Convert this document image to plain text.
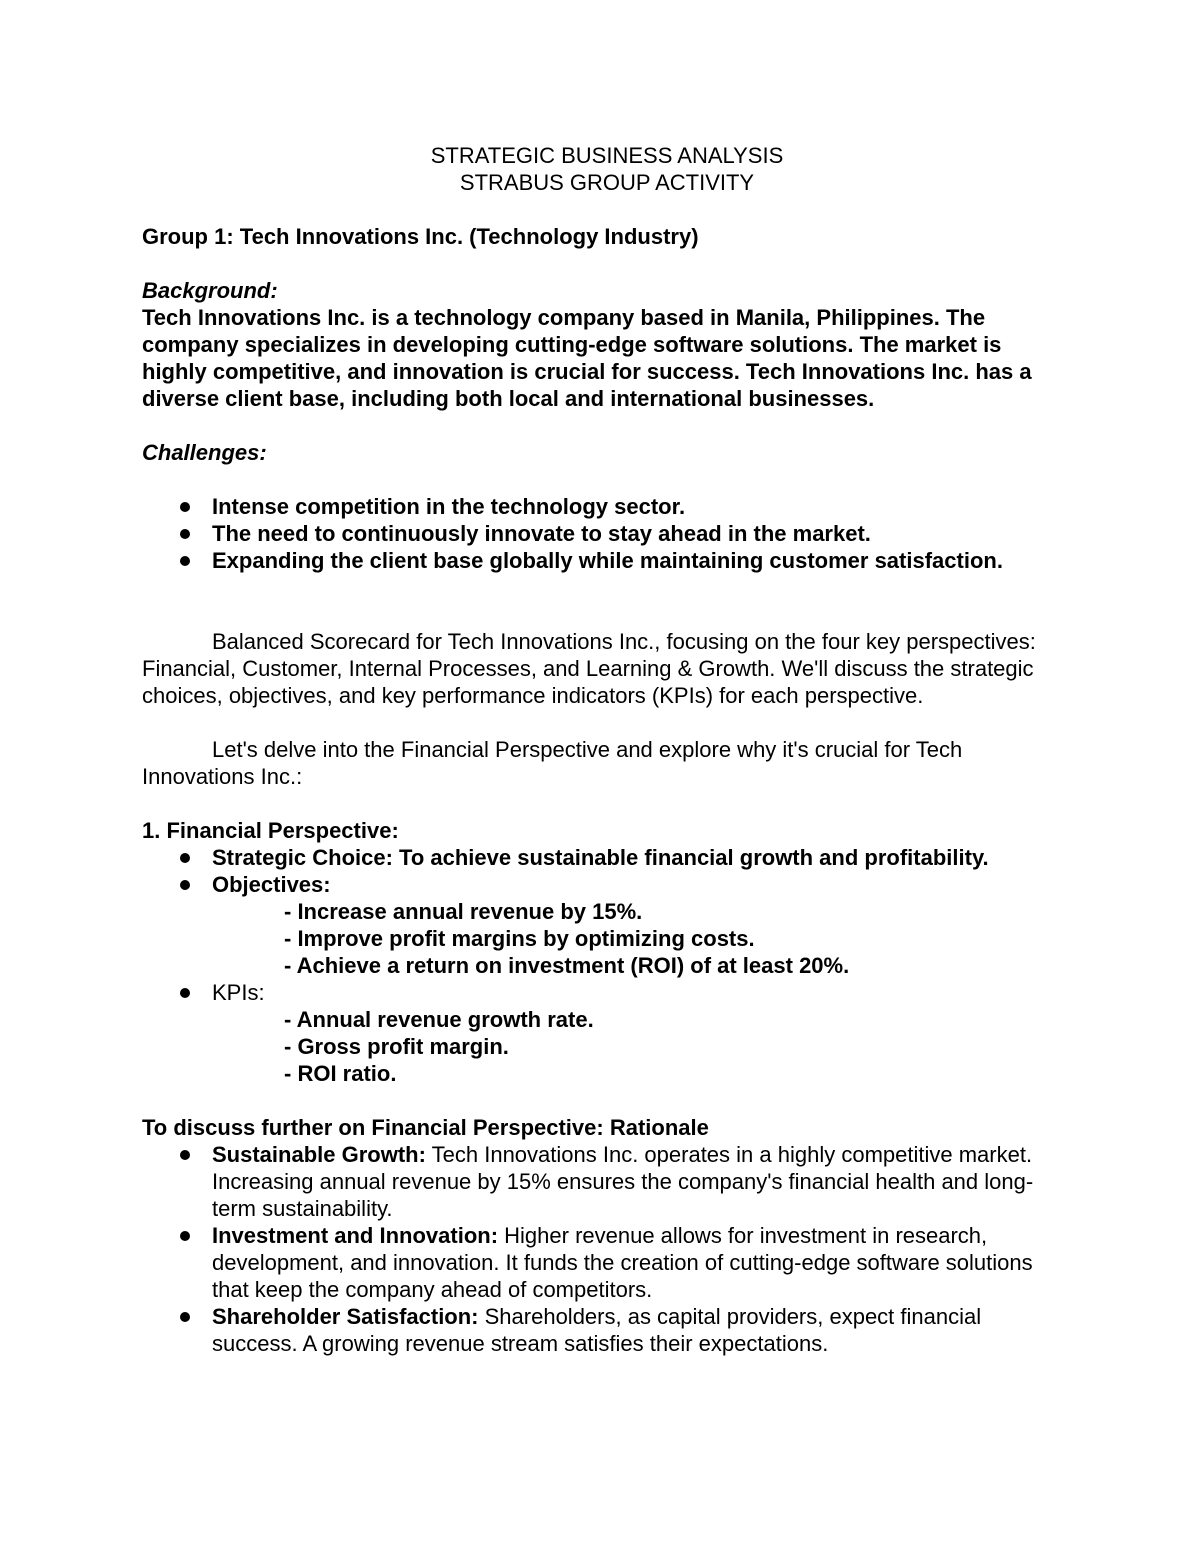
STRATEGIC BUSINESS ANALYSIS
STRABUS GROUP ACTIVITY

Group 1: Tech Innovations Inc. (Technology Industry)

Background:

Tech Innovations Inc. is a technology company based in Manila, Philippines. The company specializes in developing cutting-edge software solutions. The market is highly competitive, and innovation is crucial for success. Tech Innovations Inc. has a diverse client base, including both local and international businesses.

Challenges:

Intense competition in the technology sector.
The need to continuously innovate to stay ahead in the market.
Expanding the client base globally while maintaining customer satisfaction.

Balanced Scorecard for Tech Innovations Inc., focusing on the four key perspectives: Financial, Customer, Internal Processes, and Learning & Growth. We'll discuss the strategic choices, objectives, and key performance indicators (KPIs) for each perspective.

Let's delve into the Financial Perspective and explore why it's crucial for Tech Innovations Inc.:

1. Financial Perspective:

Strategic Choice: To achieve sustainable financial growth and profitability.
Objectives:
- Increase annual revenue by 15%.
- Improve profit margins by optimizing costs.
- Achieve a return on investment (ROI) of at least 20%.
KPIs:
- Annual revenue growth rate.
- Gross profit margin.
- ROI ratio.

To discuss further on Financial Perspective: Rationale

Sustainable Growth: Tech Innovations Inc. operates in a highly competitive market. Increasing annual revenue by 15% ensures the company's financial health and long-term sustainability.
Investment and Innovation: Higher revenue allows for investment in research, development, and innovation. It funds the creation of cutting-edge software solutions that keep the company ahead of competitors.
Shareholder Satisfaction: Shareholders, as capital providers, expect financial success. A growing revenue stream satisfies their expectations.
